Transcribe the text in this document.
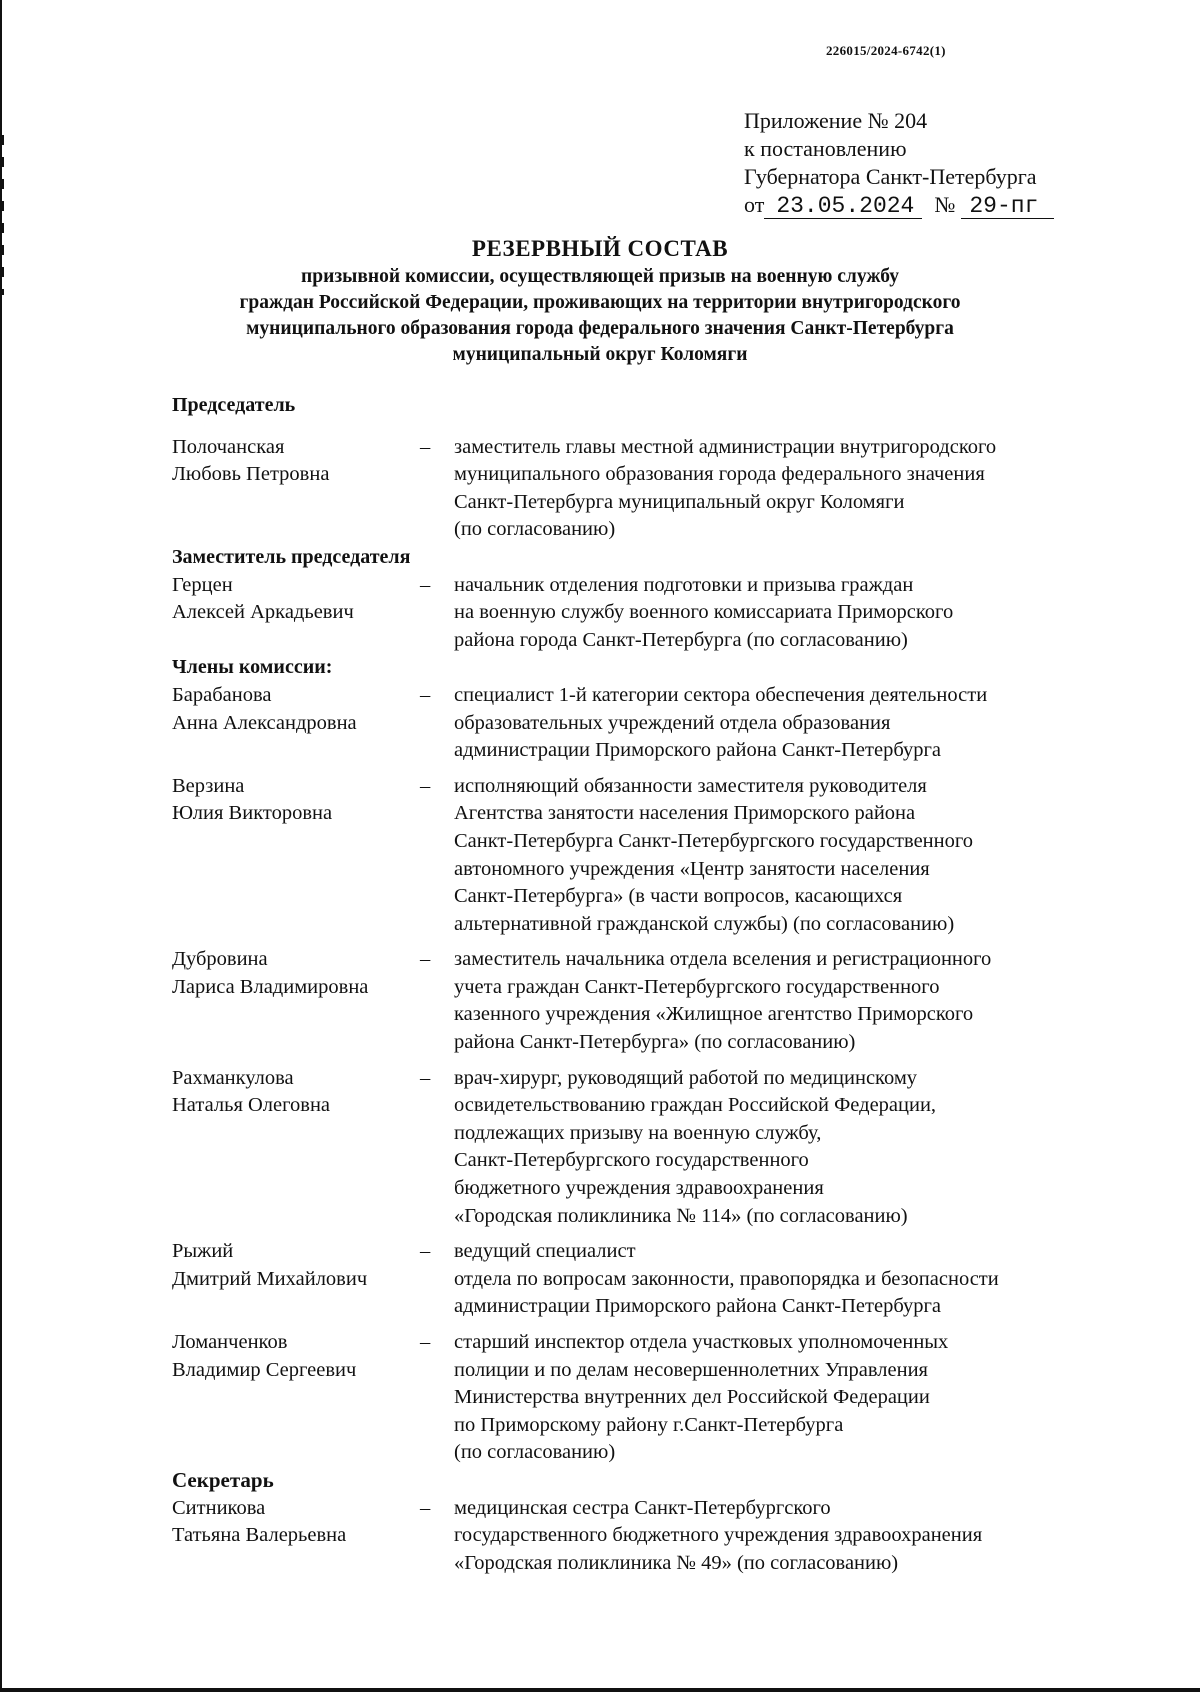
226015/2024-6742(1)
Приложение № 204
к постановлению
Губернатора Санкт-Петербурга
от 23.05.2024 № 29-пг
РЕЗЕРВНЫЙ СОСТАВ
призывной комиссии, осуществляющей призыв на военную службу
граждан Российской Федерации, проживающих на территории внутригородского
муниципального образования города федерального значения Санкт-Петербурга
муниципальный округ Коломяги
Председатель
Полочанская
Любовь Петровна
–	заместитель главы местной администрации внутригородского
муниципального образования города федерального значения
Санкт-Петербурга муниципальный округ Коломяги
(по согласованию)
Заместитель председателя
Герцен
Алексей Аркадьевич
–	начальник отделения подготовки и призыва граждан
на военную службу военного комиссариата Приморского
района города Санкт-Петербурга (по согласованию)
Члены комиссии:
Барабанова
Анна Александровна
–	специалист 1-й категории сектора обеспечения деятельности
образовательных учреждений отдела образования
администрации Приморского района Санкт-Петербурга
Верзина
Юлия Викторовна
–	исполняющий обязанности заместителя руководителя
Агентства занятости населения Приморского района
Санкт-Петербурга Санкт-Петербургского государственного
автономного учреждения «Центр занятости населения
Санкт-Петербурга» (в части вопросов, касающихся
альтернативной гражданской службы) (по согласованию)
Дубровина
Лариса Владимировна
–	заместитель начальника отдела вселения и регистрационного
учета граждан Санкт-Петербургского государственного
казенного учреждения «Жилищное агентство Приморского
района Санкт-Петербурга» (по согласованию)
Рахманкулова
Наталья Олеговна
–	врач-хирург, руководящий работой по медицинскому
освидетельствованию граждан Российской Федерации,
подлежащих призыву на военную службу,
Санкт-Петербургского государственного
бюджетного учреждения здравоохранения
«Городская поликлиника № 114» (по согласованию)
Рыжий
Дмитрий Михайлович
–	ведущий специалист
отдела по вопросам законности, правопорядка и безопасности
администрации Приморского района Санкт-Петербурга
Ломанченков
Владимир Сергеевич
–	старший инспектор отдела участковых уполномоченных
полиции и по делам несовершеннолетних Управления
Министерства внутренних дел Российской Федерации
по Приморскому району г.Санкт-Петербурга
(по согласованию)
Секретарь
Ситникова
Татьяна Валерьевна
–	медицинская сестра Санкт-Петербургского
государственного бюджетного учреждения здравоохранения
«Городская поликлиника № 49» (по согласованию)
